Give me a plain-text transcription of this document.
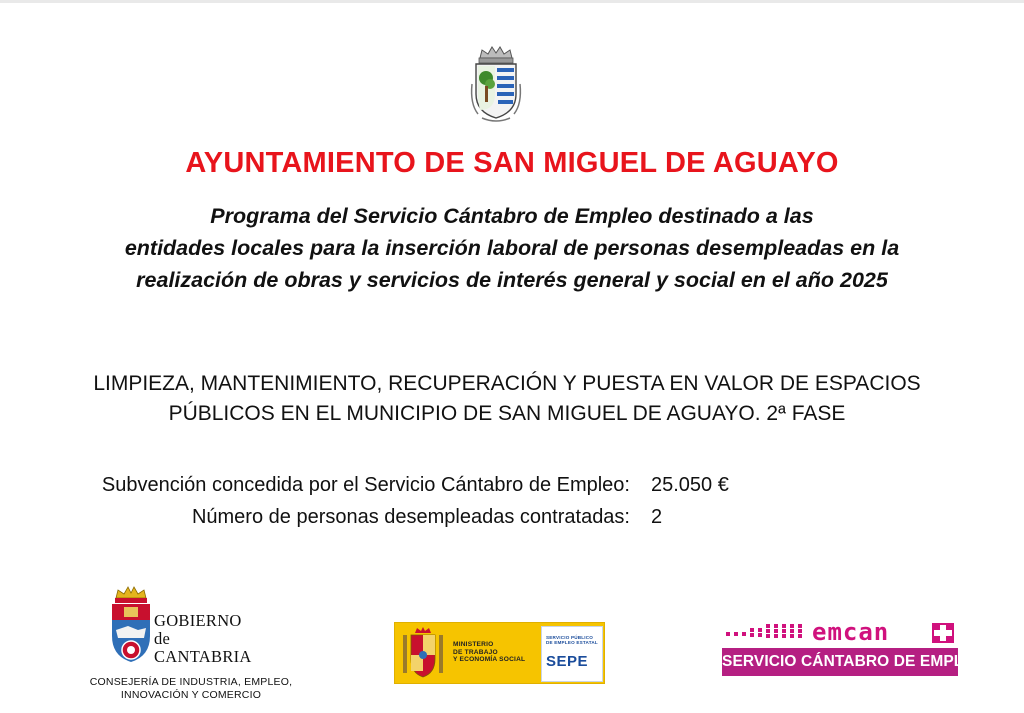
AYUNTAMIENTO DE SAN MIGUEL DE AGUAYO
Programa del Servicio Cántabro de Empleo destinado a las
entidades locales para la inserción laboral de personas desempleadas en la
realización de obras y servicios de interés general y social en el año 2025
LIMPIEZA, MANTENIMIENTO, RECUPERACIÓN Y PUESTA EN VALOR DE ESPACIOS
PÚBLICOS EN EL MUNICIPIO DE SAN MIGUEL DE AGUAYO. 2ª FASE
Subvención concedida por el Servicio Cántabro de Empleo: 25.050 €
Número de personas desempleadas contratadas: 2
GOBIERNO
de
CANTABRIA
CONSEJERÍA DE INDUSTRIA, EMPLEO,
INNOVACIÓN Y COMERCIO
MINISTERIO
DE TRABAJO
Y ECONOMÍA SOCIAL
SERVICIO PÚBLICO
DE EMPLEO ESTATAL
SEPE
emcan
SERVICIO CÁNTABRO DE EMPLEO
